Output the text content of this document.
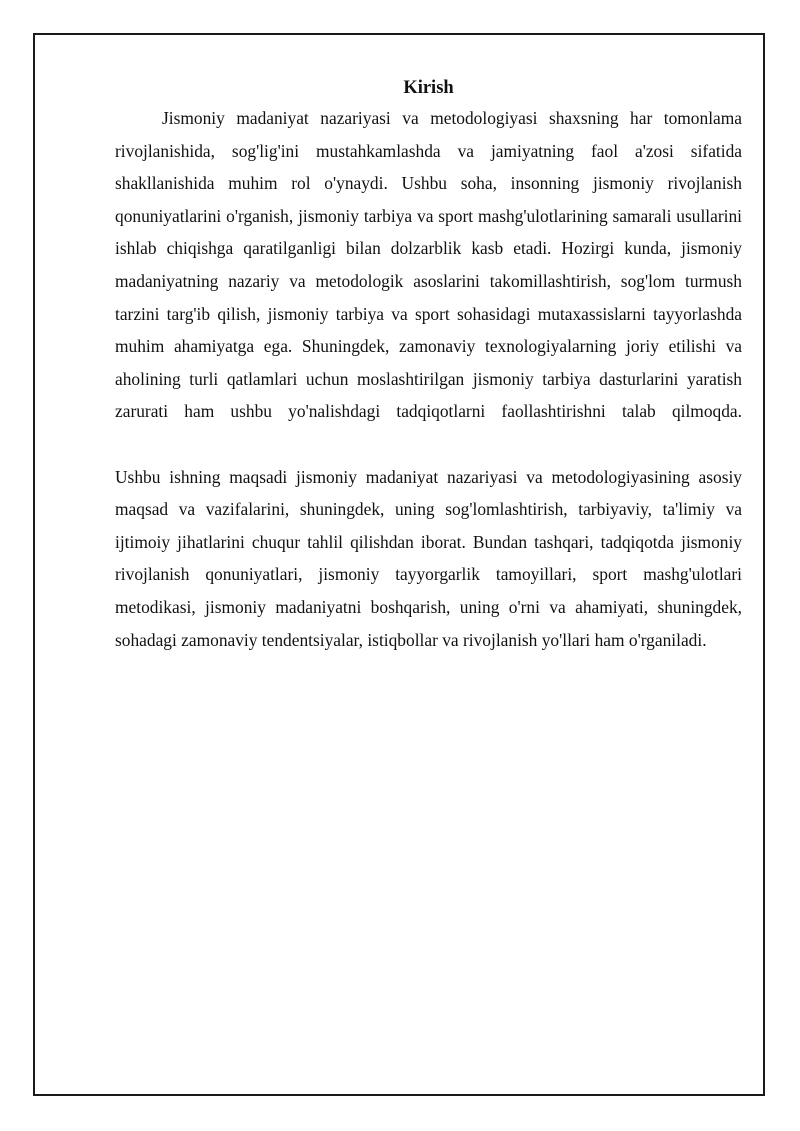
Kirish

Jismoniy madaniyat nazariyasi va metodologiyasi shaxsning har tomonlama rivojlanishida, sog'lig'ini mustahkamlashda va jamiyatning faol a'zosi sifatida shakllanishida muhim rol o'ynaydi. Ushbu soha, insonning jismoniy rivojlanish qonuniyatlarini o'rganish, jismoniy tarbiya va sport mashg'ulotlarining samarali usullarini ishlab chiqishga qaratilganligi bilan dolzarblik kasb etadi. Hozirgi kunda, jismoniy madaniyatning nazariy va metodologik asoslarini takomillashtirish, sog'lom turmush tarzini targ'ib qilish, jismoniy tarbiya va sport sohasidagi mutaxassislarni tayyorlashda muhim ahamiyatga ega. Shuningdek, zamonaviy texnologiyalarning joriy etilishi va aholining turli qatlamlari uchun moslashtirilgan jismoniy tarbiya dasturlarini yaratish zarurati ham ushbu yo'nalishdagi tadqiqotlarni faollashtirishni talab qilmoqda.

Ushbu ishning maqsadi jismoniy madaniyat nazariyasi va metodologiyasining asosiy maqsad va vazifalarini, shuningdek, uning sog'lomlashtirish, tarbiyaviy, ta'limiy va ijtimoiy jihatlarini chuqur tahlil qilishdan iborat. Bundan tashqari, tadqiqotda jismoniy rivojlanish qonuniyatlari, jismoniy tayyorgarlik tamoyillari, sport mashg'ulotlari metodikasi, jismoniy madaniyatni boshqarish, uning o'rni va ahamiyati, shuningdek, sohadagi zamonaviy tendentsiyalar, istiqbollar va rivojlanish yo'llari ham o'rganiladi.
